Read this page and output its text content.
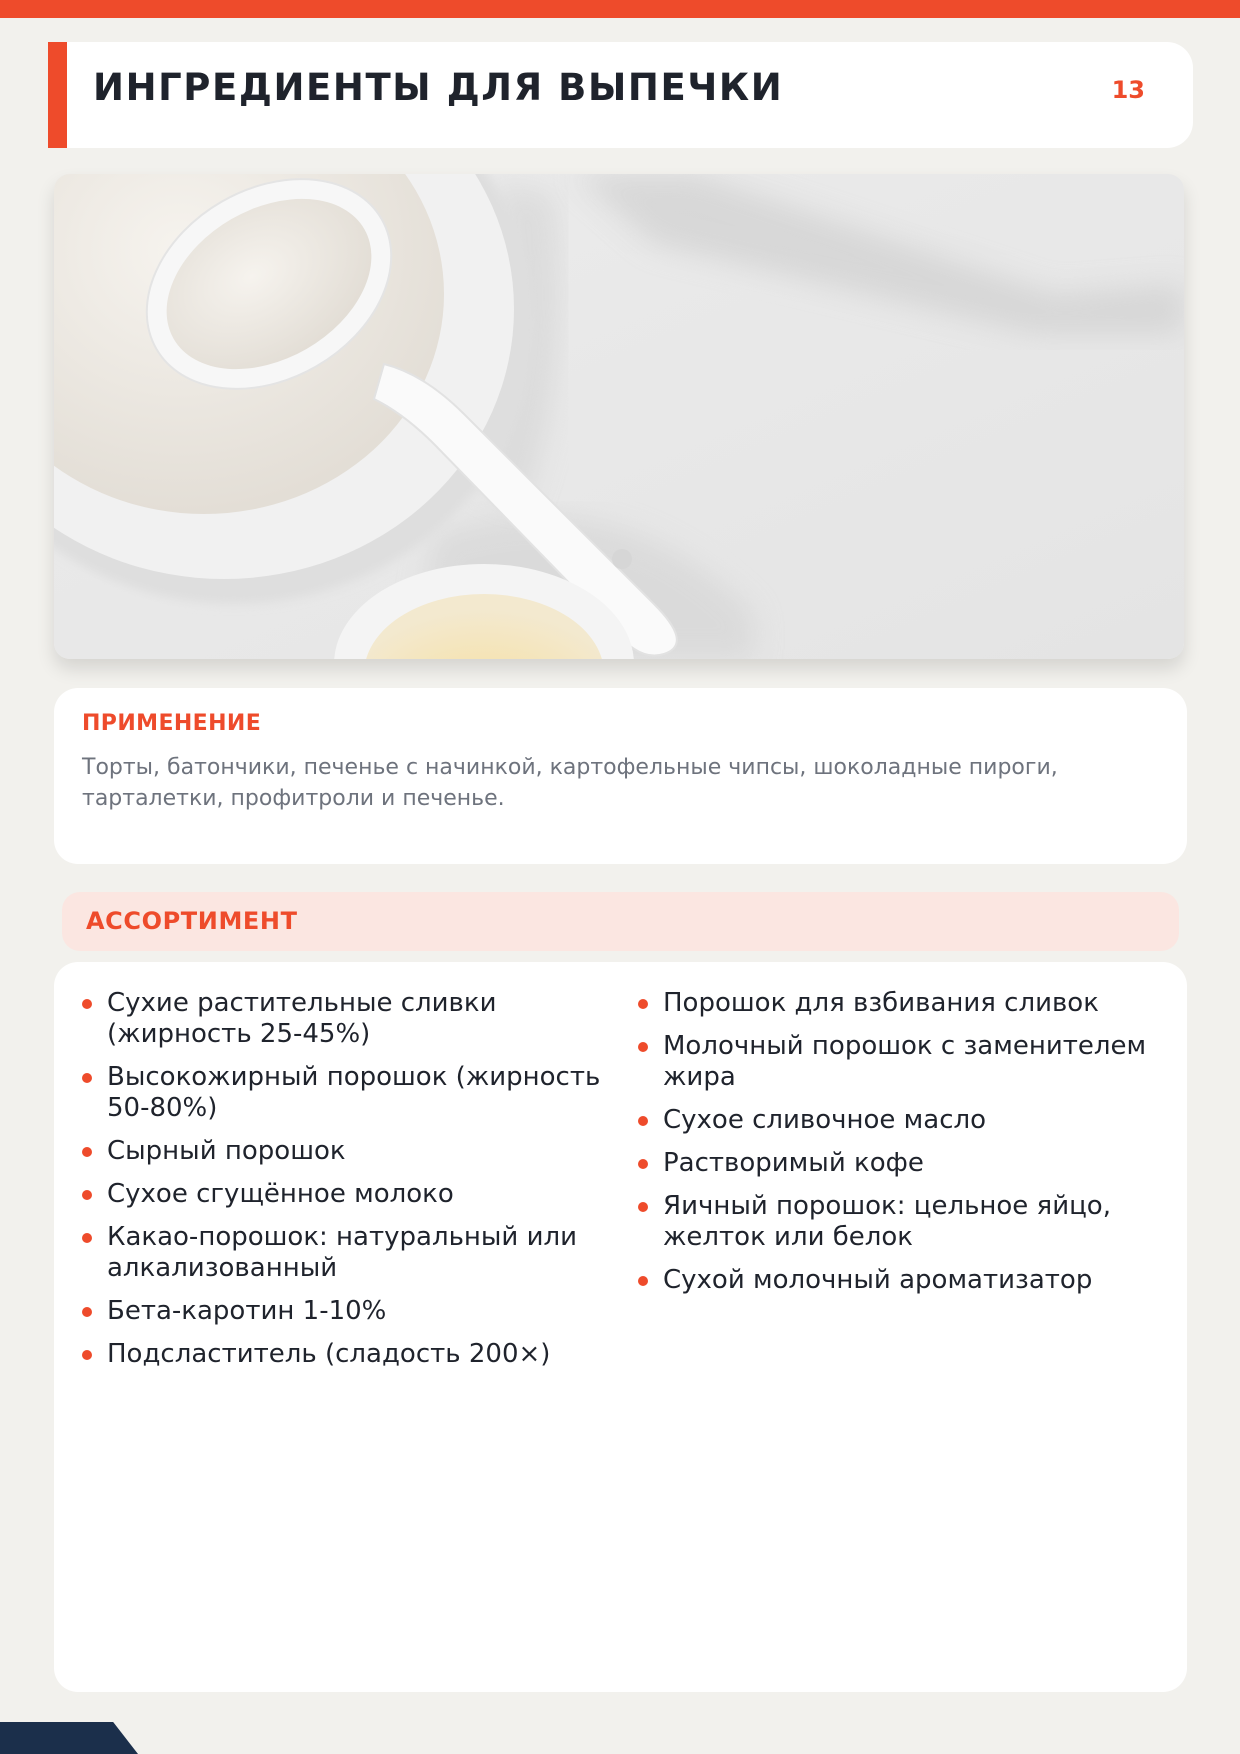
ИНГРЕДИЕНТЫ ДЛЯ ВЫПЕЧКИ	13
ПРИМЕНЕНИЕ

Торты, батончики, печенье с начинкой, картофельные чипсы, шоколадные пироги, тарталетки, профитроли и печенье.

АССОРТИМЕНТ
Сухие растительные сливки (жирность 25-45%)
Высокожирный порошок (жирность 50-80%)
Сырный порошок
Сухое сгущённое молоко
Какао-порошок: натуральный или алкализованный
Бета-каротин 1-10%
Подсластитель (сладость 200×)
Порошок для взбивания сливок
Молочный порошок с заменителем жира
Сухое сливочное масло
Растворимый кофе
Яичный порошок: цельное яйцо, желток или белок
Сухой молочный ароматизатор
